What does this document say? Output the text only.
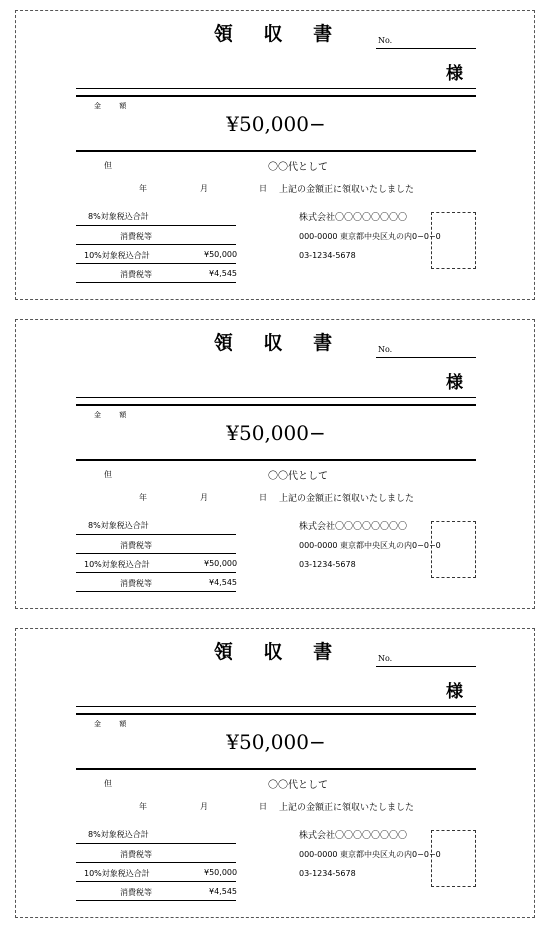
領 収 書	No.
様
金 額
¥50,000−
但	〇〇代として
年	月	日 上記の金額正に領収いたしました
8%対象税込合計
消費税等
10%対象税込合計	¥50,000
消費税等	¥4,545
株式会社〇〇〇〇〇〇〇〇
000-0000 東京都中央区丸の内0−0−0
03-1234-5678
領 収 書	No.
様
金 額
¥50,000−
但	〇〇代として
年	月	日 上記の金額正に領収いたしました
8%対象税込合計
消費税等
10%対象税込合計	¥50,000
消費税等	¥4,545
株式会社〇〇〇〇〇〇〇〇
000-0000 東京都中央区丸の内0−0−0
03-1234-5678
領 収 書	No.
様
金 額
¥50,000−
但	〇〇代として
年	月	日 上記の金額正に領収いたしました
8%対象税込合計
消費税等
10%対象税込合計	¥50,000
消費税等	¥4,545
株式会社〇〇〇〇〇〇〇〇
000-0000 東京都中央区丸の内0−0−0
03-1234-5678
